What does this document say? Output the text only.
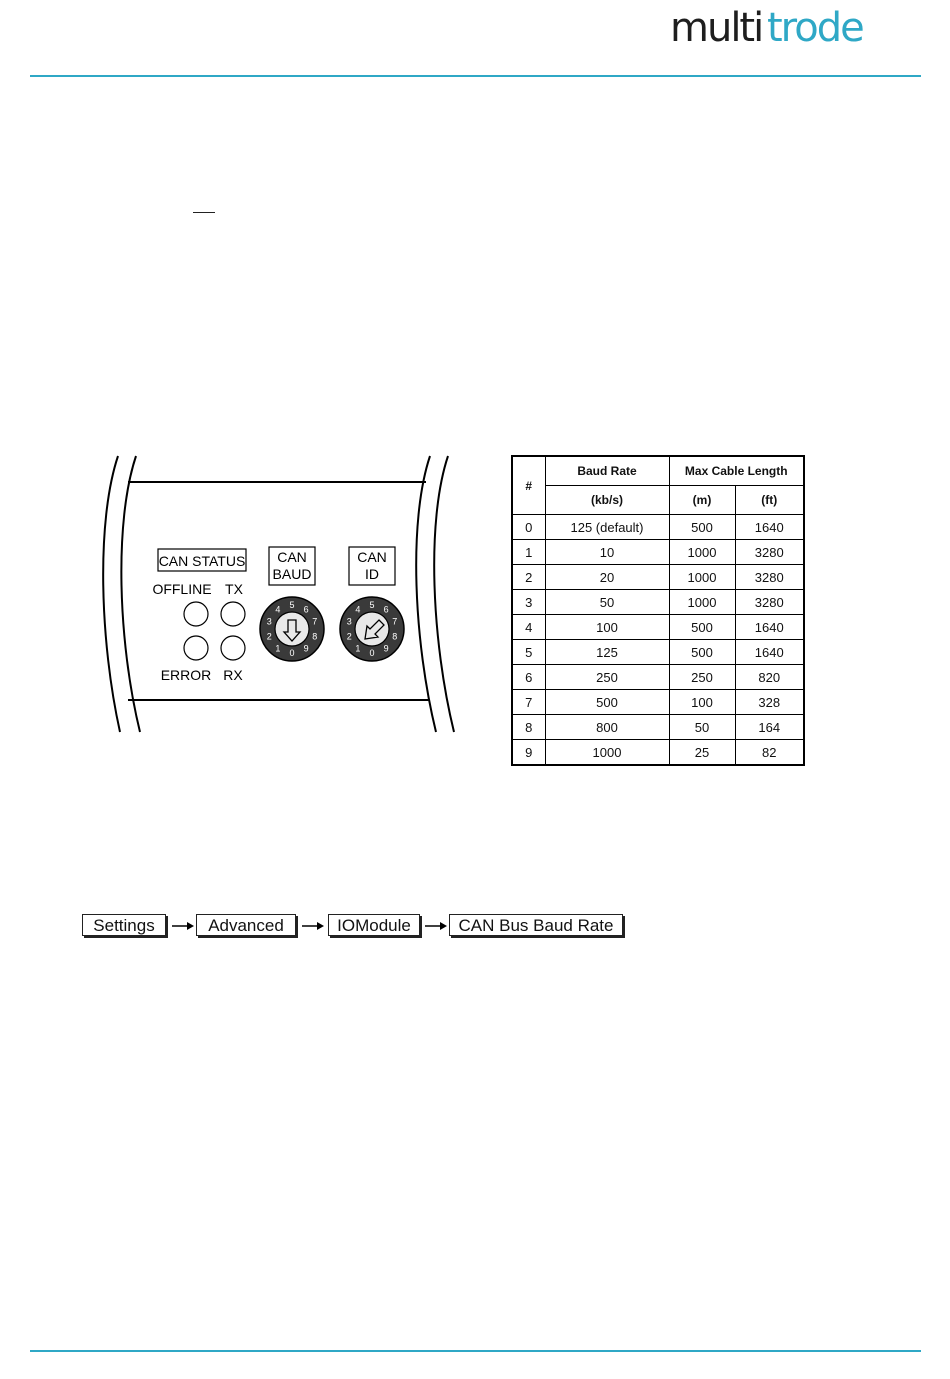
multi trode
CAN STATUS
OFFLINE TX
ERROR RX
CAN
BAUD
CAN
ID
0
1
2
3
4 5 6
7
8
9	0
1
2
3
4 5 6
7
8
9
#	Baud Rate	Max Cable Length	
	(kb/s)	(m)	(ft)
0	125 (default)	500	1640
1	10	1000	3280
2	20	1000	3280
3	50	1000	3280
4	100	500	1640
5	125	500	1640
6	250	250	820
7	500	100	328
8	800	50	164
9	1000	25	82
Settings	Advanced	IOModule	CAN Bus Baud Rate
